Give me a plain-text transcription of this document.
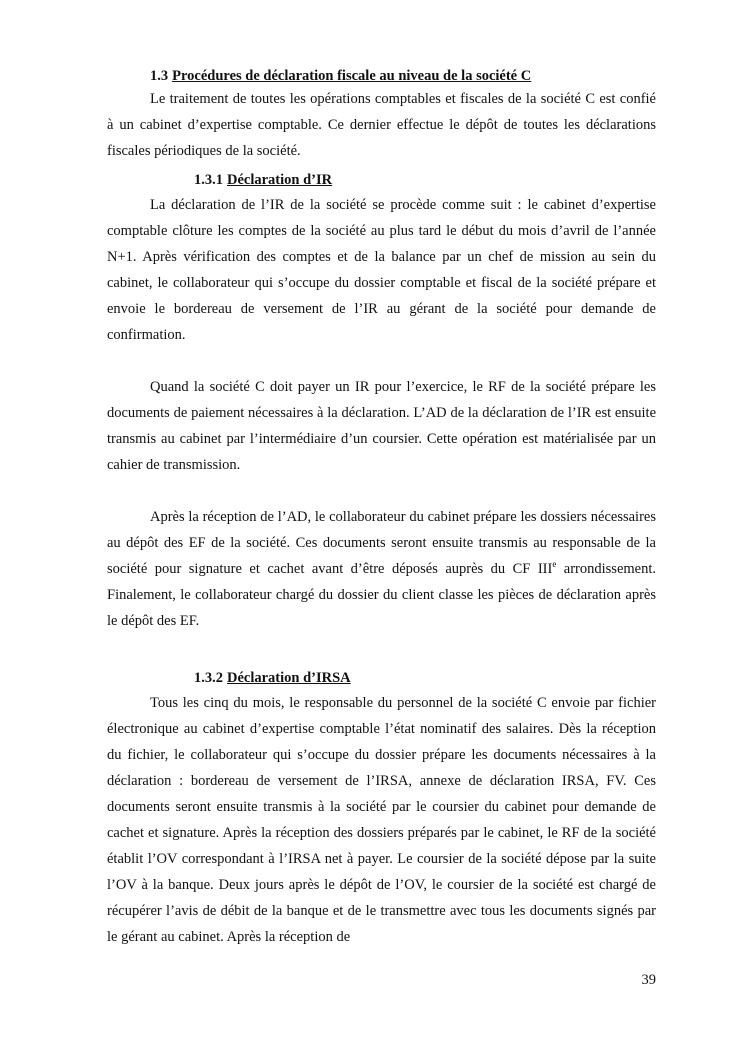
1.3 Procédures de déclaration fiscale au niveau de la société C

Le traitement de toutes les opérations comptables et fiscales de la société C est confié à un cabinet d’expertise comptable. Ce dernier effectue le dépôt de toutes les déclarations fiscales périodiques de la société.

1.3.1 Déclaration d’IR

La déclaration de l’IR de la société se procède comme suit : le cabinet d’expertise comptable clôture les comptes de la société au plus tard le début du mois d’avril de l’année N+1. Après vérification des comptes et de la balance par un chef de mission au sein du cabinet, le collaborateur qui s’occupe du dossier comptable et fiscal de la société prépare et envoie le bordereau de versement de l’IR au gérant de la société pour demande de confirmation.

Quand la société C doit payer un IR pour l’exercice, le RF de la société prépare les documents de paiement nécessaires à la déclaration. L’AD de la déclaration de l’IR est ensuite transmis au cabinet par l’intermédiaire d’un coursier. Cette opération est matérialisée par un cahier de transmission.

Après la réception de l’AD, le collaborateur du cabinet prépare les dossiers nécessaires au dépôt des EF de la société. Ces documents seront ensuite transmis au responsable de la société pour signature et cachet avant d’être déposés auprès du CF IIIe arrondissement. Finalement, le collaborateur chargé du dossier du client classe les pièces de déclaration après le dépôt des EF.

1.3.2 Déclaration d’IRSA

Tous les cinq du mois, le responsable du personnel de la société C envoie par fichier électronique au cabinet d’expertise comptable l’état nominatif des salaires. Dès la réception du fichier, le collaborateur qui s’occupe du dossier prépare les documents nécessaires à la déclaration : bordereau de versement de l’IRSA, annexe de déclaration IRSA, FV. Ces documents seront ensuite transmis à la société par le coursier du cabinet pour demande de cachet et signature. Après la réception des dossiers préparés par le cabinet, le RF de la société établit l’OV correspondant à l’IRSA net à payer. Le coursier de la société dépose par la suite l’OV à la banque. Deux jours après le dépôt de l’OV, le coursier de la société est chargé de récupérer l’avis de débit de la banque et de le transmettre avec tous les documents signés par le gérant au cabinet. Après la réception de

39
